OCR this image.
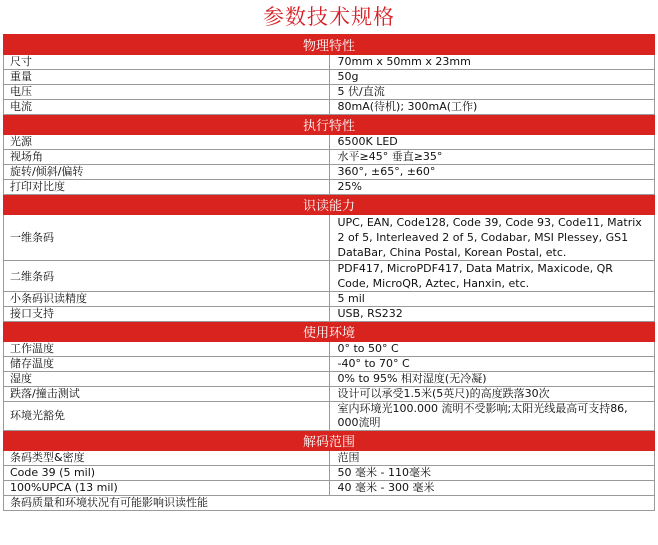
参数技术规格
物理特性	
尺寸	70mm x 50mm x 23mm
重量	50g
电压	5 伏/直流
电流	80mA(待机); 300mA(工作)
执行特性	
光源	6500K LED
视场角	水平≥45° 垂直≥35°
旋转/倾斜/偏转	360°, ±65°, ±60°
打印对比度	25%
识读能力	
一维条码	UPC, EAN, Code128, Code 39, Code 93, Code11, Matrix 2 of 5, Interleaved 2 of 5, Codabar, MSI Plessey, GS1 DataBar, China Postal, Korean Postal, etc.
二维条码	PDF417, MicroPDF417, Data Matrix, Maxicode, QR Code, MicroQR, Aztec, Hanxin, etc.
小条码识读精度	5 mil
接口支持	USB, RS232
使用环境	
工作温度	0° to 50° C
储存温度	-40° to 70° C
湿度	0% to 95% 相对湿度(无冷凝)
跌落/撞击测试	设计可以承受1.5米(5英尺)的高度跌落30次
环境光豁免	室内环境光100.000 流明不受影响;太阳光线最高可支持86, 000流明
解码范围	
条码类型&密度	范围
Code 39 (5 mil)	50 毫米 - 110毫米
100%UPCA (13 mil)	40 毫米 - 300 毫米
条码质量和环境状况有可能影响识读性能	
